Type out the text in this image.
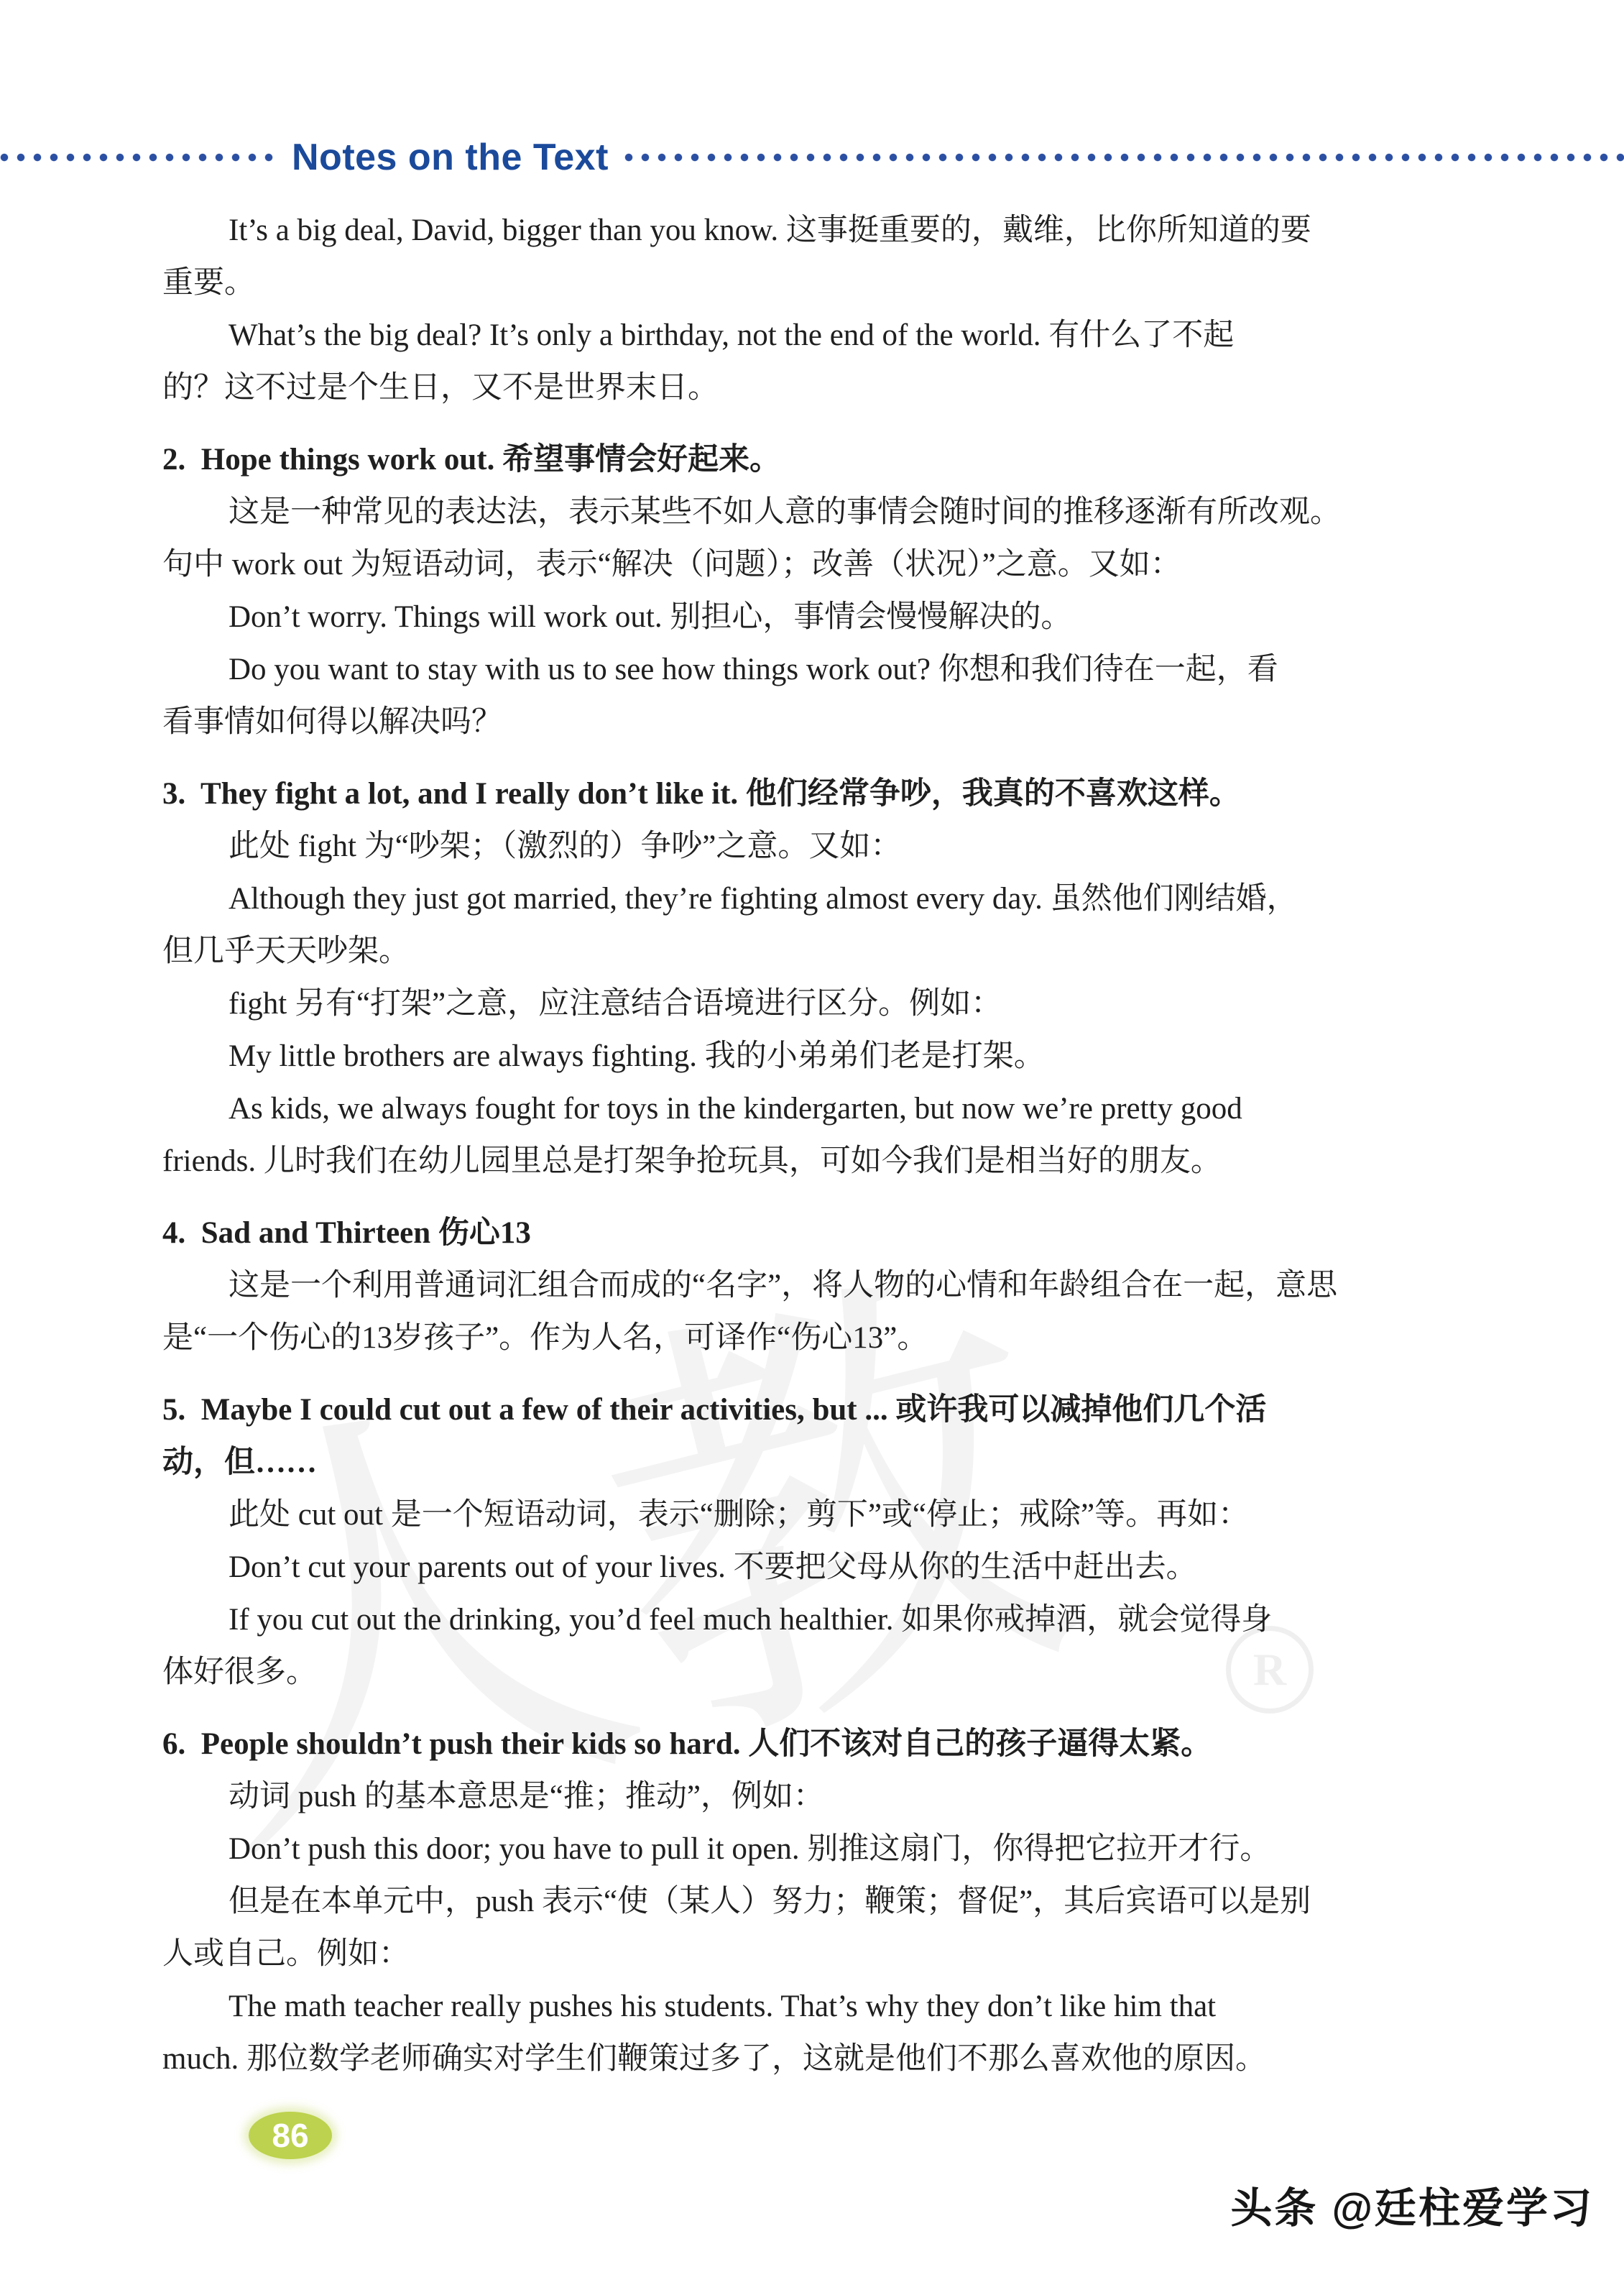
R
Notes on the Text
It’s a big deal, David, bigger than you know. 这事挺重要的，戴维，比你所知道的要
重要。
What’s the big deal? It’s only a birthday, not the end of the world. 有什么了不起
的？这不过是个生日，又不是世界末日。
2.  Hope things work out. 希望事情会好起来。
这是一种常见的表达法，表示某些不如人意的事情会随时间的推移逐渐有所改观。
句中 work out 为短语动词，表示“解决（问题）；改善（状况）”之意。又如：
Don’t worry. Things will work out. 别担心，事情会慢慢解决的。
Do you want to stay with us to see how things work out? 你想和我们待在一起，看
看事情如何得以解决吗？
3.  They fight a lot, and I really don’t like it. 他们经常争吵，我真的不喜欢这样。
此处 fight 为“吵架；（激烈的）争吵”之意。又如：
Although they just got married, they’re fighting almost every day. 虽然他们刚结婚，
但几乎天天吵架。
fight 另有“打架”之意，应注意结合语境进行区分。例如：
My little brothers are always fighting. 我的小弟弟们老是打架。
As kids, we always fought for toys in the kindergarten, but now we’re pretty good
friends. 儿时我们在幼儿园里总是打架争抢玩具，可如今我们是相当好的朋友。
4.  Sad and Thirteen 伤心13
这是一个利用普通词汇组合而成的“名字”，将人物的心情和年龄组合在一起，意思
是“一个伤心的13岁孩子”。作为人名，可译作“伤心13”。
5.  Maybe I could cut out a few of their activities, but ... 或许我可以减掉他们几个活
动，但……
此处 cut out 是一个短语动词，表示“删除；剪下”或“停止；戒除”等。再如：
Don’t cut your parents out of your lives. 不要把父母从你的生活中赶出去。
If you cut out the drinking, you’d feel much healthier. 如果你戒掉酒，就会觉得身
体好很多。
6.  People shouldn’t push their kids so hard. 人们不该对自己的孩子逼得太紧。
动词 push 的基本意思是“推；推动”，例如：
Don’t push this door; you have to pull it open. 别推这扇门，你得把它拉开才行。
但是在本单元中，push 表示“使（某人）努力；鞭策；督促”，其后宾语可以是别
人或自己。例如：
The math teacher really pushes his students. That’s why they don’t like him that
much. 那位数学老师确实对学生们鞭策过多了，这就是他们不那么喜欢他的原因。
86
头条 @廷柱爱学习
